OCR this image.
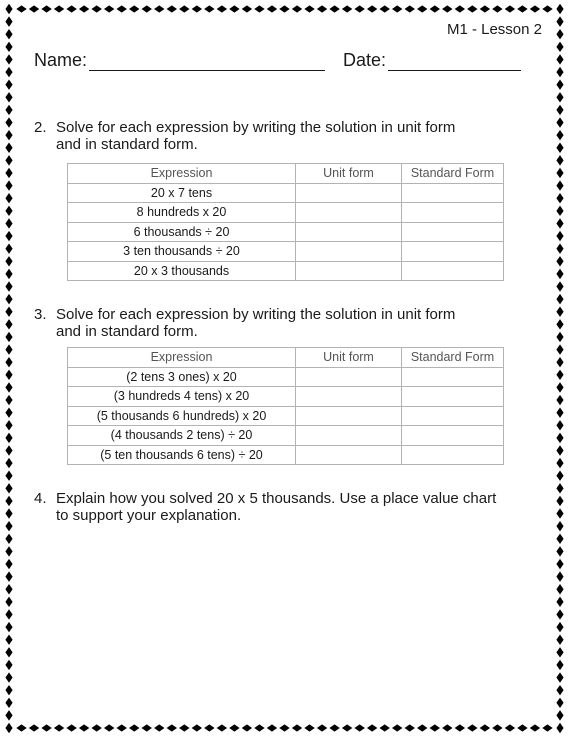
M1 - Lesson 2
Name:	Date:
2. Solve for each expression by writing the solution in unit form
and in standard form.
Expression	Unit form	Standard Form
20 x 7 tens		
8 hundreds x 20		
6 thousands ÷ 20		
3 ten thousands ÷ 20		
20 x 3 thousands		
3. Solve for each expression by writing the solution in unit form
and in standard form.
Expression	Unit form	Standard Form
(2 tens 3 ones) x 20		
(3 hundreds 4 tens) x 20		
(5 thousands 6 hundreds) x 20		
(4 thousands 2 tens) ÷ 20		
(5 ten thousands 6 tens) ÷ 20		
4. Explain how you solved 20 x 5 thousands. Use a place value chart
to support your explanation.
